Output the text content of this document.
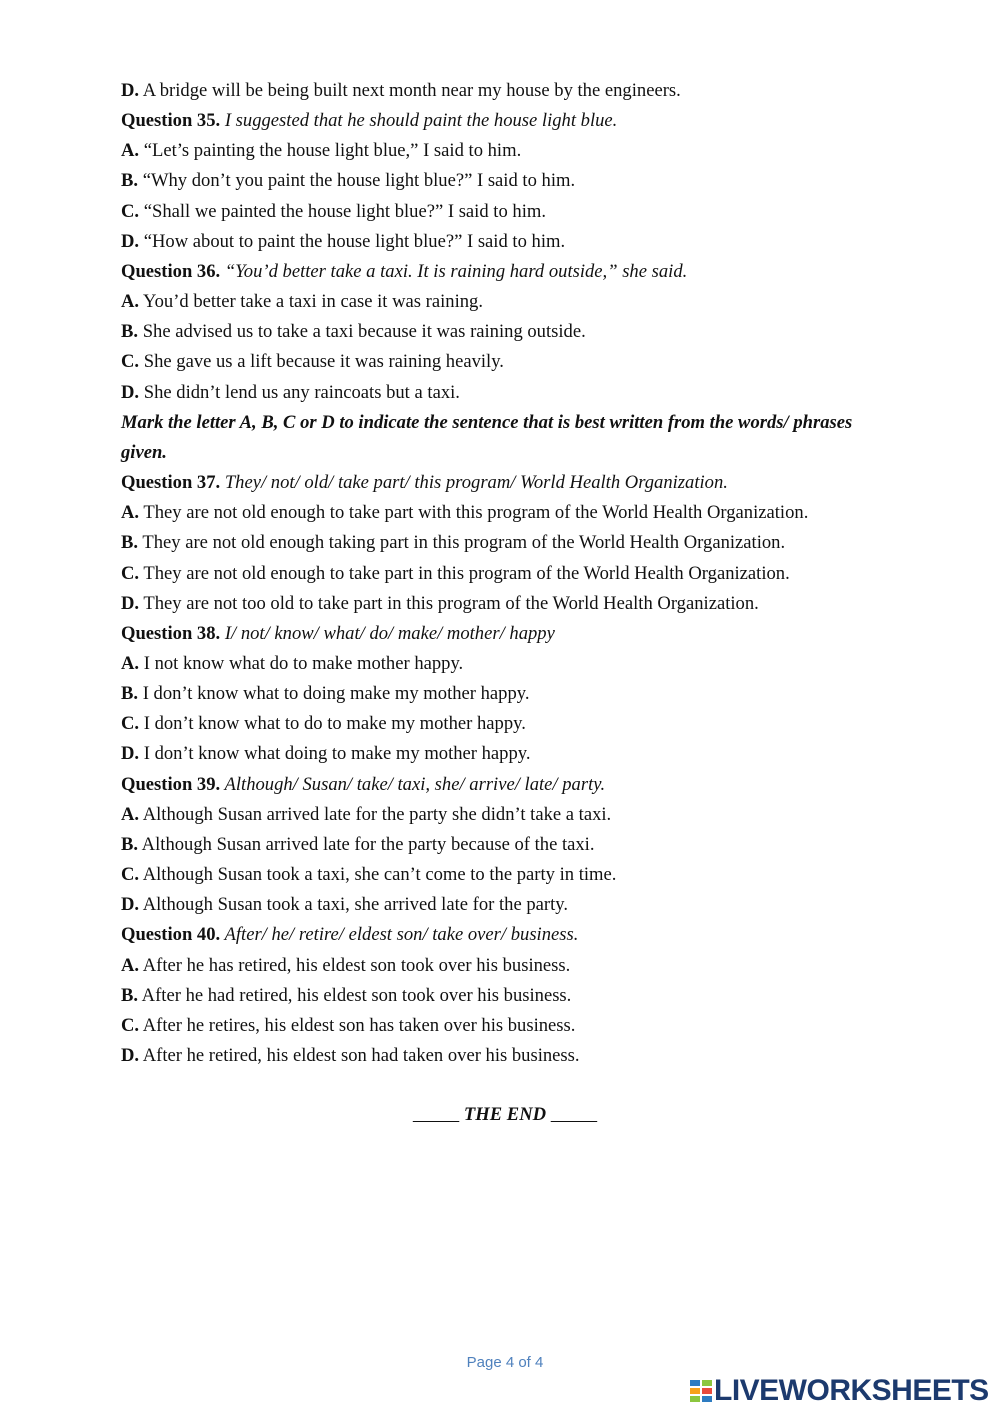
D. A bridge will be being built next month near my house by the engineers.
Question 35. I suggested that he should paint the house light blue.
A. “Let’s painting the house light blue,” I said to him.
B. “Why don’t you paint the house light blue?” I said to him.
C. “Shall we painted the house light blue?” I said to him.
D. “How about to paint the house light blue?” I said to him.
Question 36. “You’d better take a taxi. It is raining hard outside,” she said.
A. You’d better take a taxi in case it was raining.
B. She advised us to take a taxi because it was raining outside.
C. She gave us a lift because it was raining heavily.
D. She didn’t lend us any raincoats but a taxi.
Mark the letter A, B, C or D to indicate the sentence that is best written from the words/ phrases
given.
Question 37. They/ not/ old/ take part/ this program/ World Health Organization.
A. They are not old enough to take part with this program of the World Health Organization.
B. They are not old enough taking part in this program of the World Health Organization.
C. They are not old enough to take part in this program of the World Health Organization.
D. They are not too old to take part in this program of the World Health Organization.
Question 38. I/ not/ know/ what/ do/ make/ mother/ happy
A. I not know what do to make mother happy.
B. I don’t know what to doing make my mother happy.
C. I don’t know what to do to make my mother happy.
D. I don’t know what doing to make my mother happy.
Question 39. Although/ Susan/ take/ taxi, she/ arrive/ late/ party.
A. Although Susan arrived late for the party she didn’t take a taxi.
B. Although Susan arrived late for the party because of the taxi.
C. Although Susan took a taxi, she can’t come to the party in time.
D. Although Susan took a taxi, she arrived late for the party.
Question 40. After/ he/ retire/ eldest son/ take over/ business.
A. After he has retired, his eldest son took over his business.
B. After he had retired, his eldest son took over his business.
C. After he retires, his eldest son has taken over his business.
D. After he retired, his eldest son had taken over his business.
THE END
Page 4 of 4
LIVEWORKSHEETS
